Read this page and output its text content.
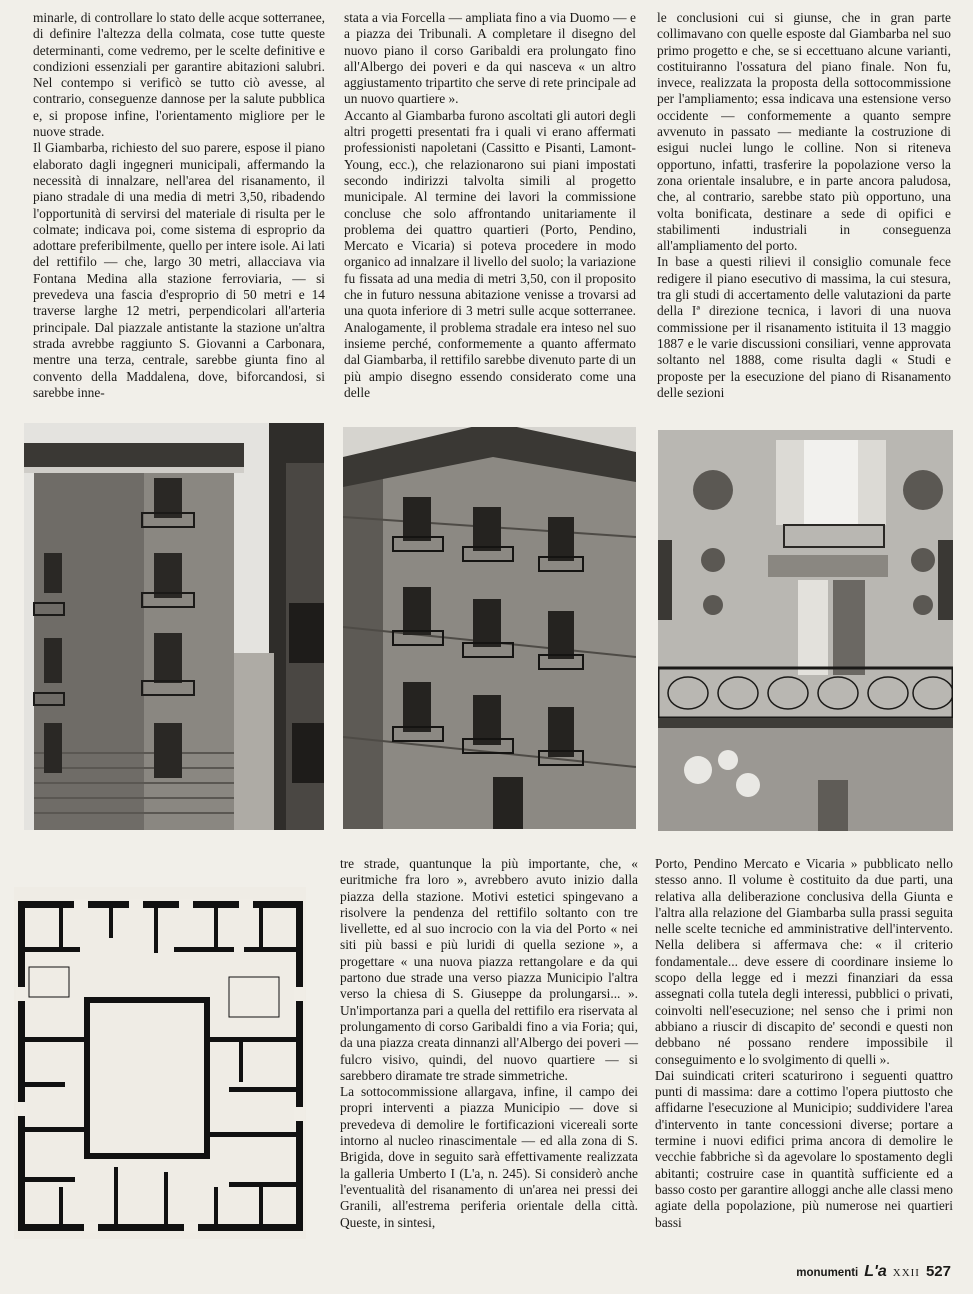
minarle, di controllare lo stato delle acque sotterranee, di definire l'altezza della colmata, cose tutte queste determinanti, come vedremo, per le scelte definitive e condizioni essenziali per garantire abitazioni salubri. Nel contempo si verificò se tutto ciò avesse, al contrario, conseguenze dannose per la salute pubblica e, si propose infine, l'orientamento migliore per le nuove strade.

Il Giambarba, richiesto del suo parere, espose il piano elaborato dagli ingegneri municipali, affermando la necessità di innalzare, nell'area del risanamento, il piano stradale di una media di metri 3,50, ribadendo l'opportunità di servirsi del materiale di risulta per le colmate; indicava poi, come sistema di esproprio da adottare preferibilmente, quello per intere isole. Ai lati del rettifilo — che, largo 30 metri, allacciava via Fontana Medina alla stazione ferroviaria, — si prevedeva una fascia d'esproprio di 50 metri e 14 traverse larghe 12 metri, perpendicolari all'arteria principale. Dal piazzale antistante la stazione un'altra strada avrebbe raggiunto S. Giovanni a Carbonara, mentre una terza, centrale, sarebbe giunta fino al convento della Maddalena, dove, biforcandosi, si sarebbe inne-

stata a via Forcella — ampliata fino a via Duomo — e a piazza dei Tribunali. A completare il disegno del nuovo piano il corso Garibaldi era prolungato fino all'Albergo dei poveri e da qui nasceva « un altro aggiustamento tripartito che serve di rete principale ad un nuovo quartiere ».

Accanto al Giambarba furono ascoltati gli autori degli altri progetti presentati fra i quali vi erano affermati professionisti napoletani (Cassitto e Pisanti, Lamont-Young, ecc.), che relazionarono sui piani impostati secondo indirizzi talvolta simili al progetto municipale. Al termine dei lavori la commissione concluse che solo affrontando unitariamente il problema dei quattro quartieri (Porto, Pendino, Mercato e Vicaria) si poteva procedere in modo organico ad innalzare il livello del suolo; la variazione fu fissata ad una media di metri 3,50, con il proposito che in futuro nessuna abitazione venisse a trovarsi ad una quota inferiore di 3 metri sulle acque sotterranee. Analogamente, il problema stradale era inteso nel suo insieme perché, conformemente a quanto affermato dal Giambarba, il rettifilo sarebbe divenuto parte di un più ampio disegno essendo considerato come una delle

le conclusioni cui si giunse, che in gran parte collimavano con quelle esposte dal Giambarba nel suo primo progetto e che, se si eccettuano alcune varianti, costituiranno l'ossatura del piano finale. Non fu, invece, realizzata la proposta della sottocommissione per l'ampliamento; essa indicava una estensione verso occidente — conformemente a quanto sempre avvenuto in passato — mediante la costruzione di esigui nuclei lungo le colline. Non si riteneva opportuno, infatti, trasferire la popolazione verso la zona orientale insalubre, e in parte ancora paludosa, che, al contrario, sarebbe stato più opportuno, una volta bonificata, destinare a sede di opifici e stabilimenti industriali in conseguenza all'ampliamento del porto.

In base a questi rilievi il consiglio comunale fece redigere il piano esecutivo di massima, la cui stesura, tra gli studi di accertamento delle valutazioni da parte della Iª direzione tecnica, i lavori di una nuova commissione per il risanamento istituita il 13 maggio 1887 e le varie discussioni consiliari, venne approvata soltanto nel 1888, come risulta dagli « Studi e proposte per la esecuzione del piano di Risanamento delle sezioni

tre strade, quantunque la più importante, che, « euritmiche fra loro », avrebbero avuto inizio dalla piazza della stazione. Motivi estetici spingevano a risolvere la pendenza del rettifilo soltanto con tre livellette, ed al suo incrocio con la via del Porto « nei siti più bassi e più luridi di quella sezione », a progettare « una nuova piazza rettangolare e da qui partono due strade una verso piazza Municipio l'altra verso la chiesa di S. Giuseppe da prolungarsi... ». Un'importanza pari a quella del rettifilo era riservata al prolungamento di corso Garibaldi fino a via Foria; qui, da una piazza creata dinnanzi all'Albergo dei poveri — fulcro visivo, quindi, del nuovo quartiere — si sarebbero diramate tre strade simmetriche.

La sottocommissione allargava, infine, il campo dei propri interventi a piazza Municipio — dove si prevedeva di demolire le fortificazioni vicereali sorte intorno al nucleo rinascimentale — ed alla zona di S. Brigida, dove in seguito sarà effettivamente realizzata la galleria Umberto I (L'a, n. 245). Si considerò anche l'eventualità del risanamento di un'area nei pressi dei Granili, all'estrema periferia orientale della città. Queste, in sintesi,

Porto, Pendino Mercato e Vicaria » pubblicato nello stesso anno. Il volume è costituito da due parti, una relativa alla deliberazione conclusiva della Giunta e l'altra alla relazione del Giambarba sulla prassi seguita nelle scelte tecniche ed amministrative dell'intervento. Nella delibera si affermava che: « il criterio fondamentale... deve essere di coordinare insieme lo scopo della legge ed i mezzi finanziari da essa assegnati colla tutela degli interessi, pubblici o privati, coinvolti nell'esecuzione; nel senso che i primi non abbiano a riuscir di discapito de' secondi e questi non debbano né possano rendere impossibile il conseguimento e lo svolgimento di quelli ».

Dai suindicati criteri scaturirono i seguenti quattro punti di massima: dare a cottimo l'opera piuttosto che affidarne l'esecuzione al Municipio; suddividere l'area d'intervento in tante concessioni diverse; portare a termine i nuovi edifici prima ancora di demolire le vecchie fabbriche sì da agevolare lo spostamento degli abitanti; costruire case in quantità sufficiente ed a basso costo per garantire alloggi anche alle classi meno agiate della popolazione, più numerose nei quartieri bassi

monumenti L'a XXII 527
